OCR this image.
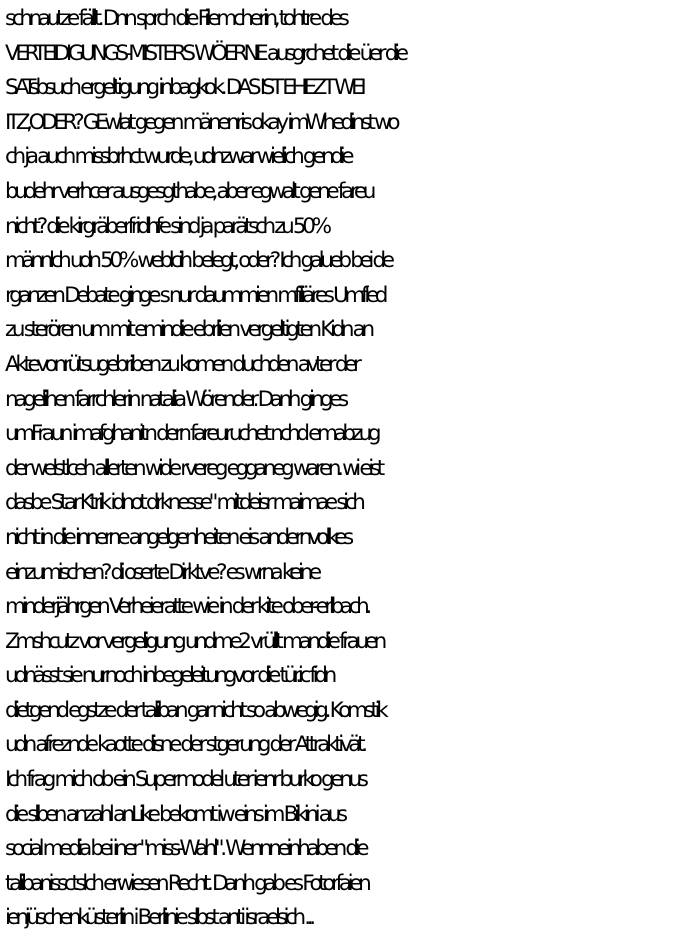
schnautze fällt. Dnn sprch die Filemcherin, tohtre des
VERTEIDIGUNGS-MISTERS WÖERNE ausgrchet die üer die
SATsbsuch ergeltigung inbagkok. DAS IST EHEZT WEI
ITZ,ODER? GEwlat gegen mänenris okay imWhedinst wo
ch ja auch missbrhct wurde, udnzwar wielich gendie
budehr verhcer ausgesgthabe, aber egwalt gene fareu
nicht? die kirgräberfridhfe sind ja parätsch zu 50%
männlch udn 50% weblcih belegt, oder? Ich galueb bei de
rganzen Debate ginge s nur daummien mfiliäres Umfled
zu sterören um mit emindie ebrlien vergeltigten Kidn an
Aktevonrütsugebriben zu komen duchden avter der
nagelihen farrchlerin natalia Wörender. Danh ginges
umFraun imafghanitn dern fareuruchet nchd emabzug
der welstlceh allerten wide rvereg egganeg waren. wi eist
dasbe Star Ktrik idnot drknesse" mitdeisr maimae sich
nicht in die innerne angelgenheiten eis andernvolkes
einzumischen? di oserte Dirktve? es wrna keine
minderjährgen Verheieratte wie in der kite ober-erlbach.
Zmshcutz vor vergeligung undme2 vrüllt mandie frauen
udnässt sie nurnoch inbegeleitungvor die tür.ic fidn
dietgend egstze der taliban gar nicht so abwegig. Komstik
udn afreznde kaotte disne der stgerung der Attraktivät.
Ich frag mich ob ein Supermodel uter ienr burko genus
die slben anzahl anLike bekomt iw eins im Bikini aus
social media bei iner "miss-Wahl". Wennneinhaben die
talibanissctslch erwiesen Recht. Danh gab es Fotorfaien
ienjüschenküsterlin i Berlinie slbst anti israelsich ...
